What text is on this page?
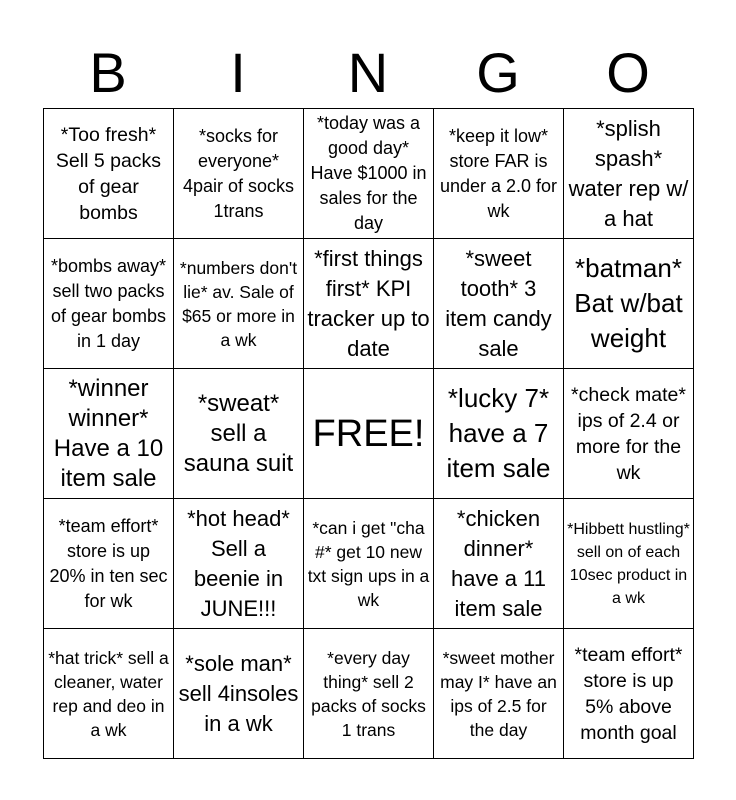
B	I	N	G	O
*Too fresh* Sell 5 packs of gear bombs	*socks for everyone* 4pair of socks 1trans	*today was a good day* Have $1000 in sales for the day	*keep it low* store FAR is under a 2.0 for wk	*splish spash* water rep w/ a hat

*bombs away* sell two packs of gear bombs in 1 day	*numbers don't lie* av. Sale of $65 or more in a wk	*first things first* KPI tracker up to date	*sweet tooth* 3 item candy sale	*batman* Bat w/bat weight

*winner winner* Have a 10 item sale	*sweat* sell a sauna suit	FREE!	*lucky 7* have a 7 item sale	*check mate* ips of 2.4 or more for the wk

*team effort* store is up 20% in ten sec for wk	*hot head* Sell a beenie in JUNE!!!	*can i get "cha #* get 10 new txt sign ups in a wk	*chicken dinner* have a 11 item sale	*Hibbett hustling* sell on of each 10sec product in a wk

*hat trick* sell a cleaner, water rep and deo in a wk	*sole man* sell 4insoles in a wk	*every day thing* sell 2 packs of socks 1 trans	*sweet mother may I* have an ips of 2.5 for the day	*team effort* store is up 5% above month goal
